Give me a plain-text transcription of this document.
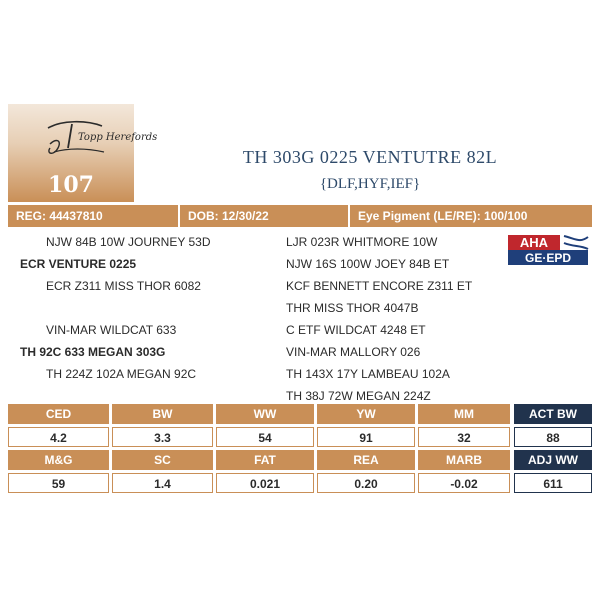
Topp Herefords
107
TH 303G 0225 VENTUTRE 82L
{DLF,HYF,IEF}
REG: 44437810	DOB: 12/30/22	Eye Pigment (LE/RE): 100/100
NJW 84B 10W JOURNEY 53D
ECR VENTURE 0225
ECR Z311 MISS THOR 6082
VIN-MAR WILDCAT 633
TH 92C 633 MEGAN 303G
TH 224Z 102A MEGAN 92C
LJR 023R WHITMORE 10W
NJW 16S 100W JOEY 84B ET
KCF BENNETT ENCORE Z311 ET
THR MISS THOR 4047B
C ETF WILDCAT 4248 ET
VIN-MAR MALLORY 026
TH 143X 17Y LAMBEAU 102A
TH 38J 72W MEGAN 224Z
AHA
GE·EPD
CED	BW	WW	YW	MM	ACT BW
4.2	3.3	54	91	32	88
M&G	SC	FAT	REA	MARB	ADJ WW
59	1.4	0.021	0.20	-0.02	611
